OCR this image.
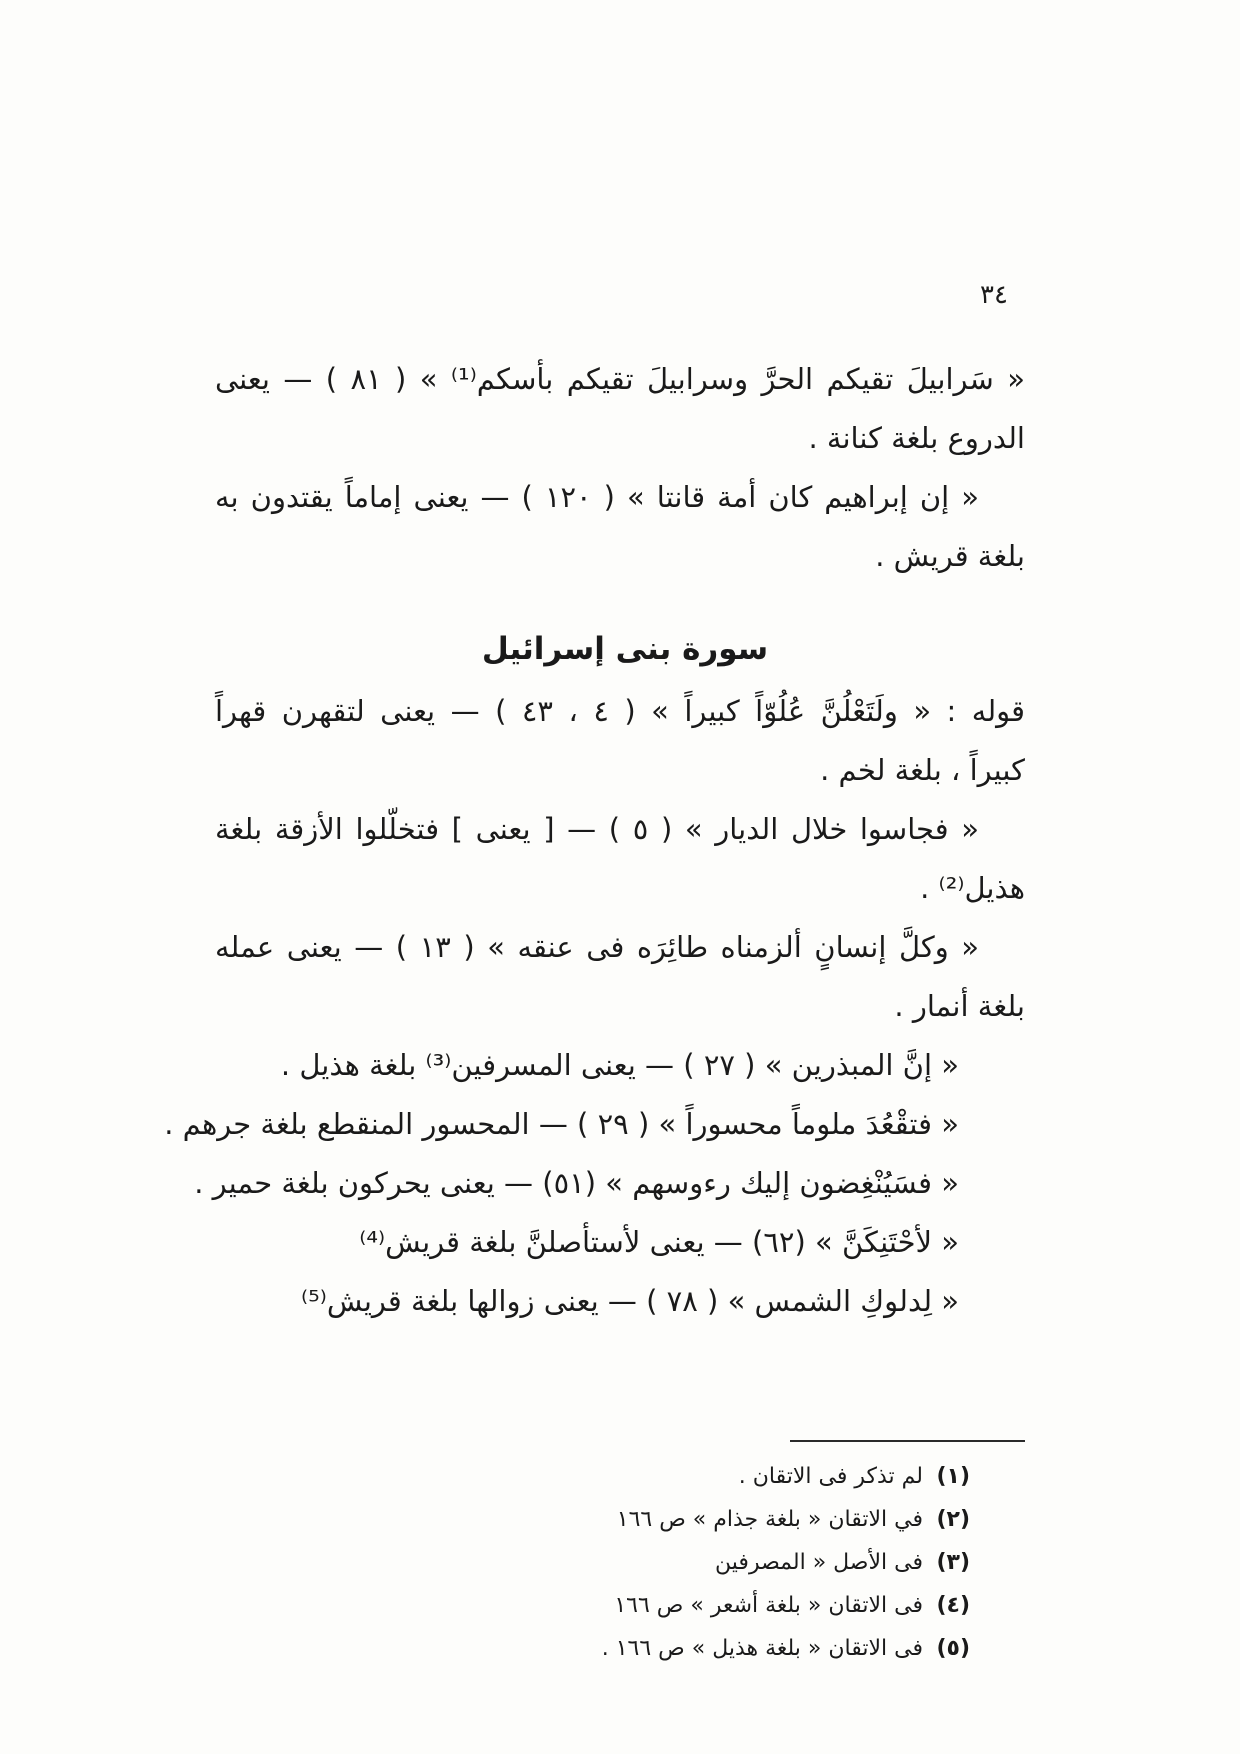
٣٤
« سَرابيلَ تقيكم الحرَّ وسرابيلَ تقيكم بأسكم⁽¹⁾ » ( ٨١ ) — يعنى
الدروع بلغة كنانة .
« إن إبراهيم كان أمة قانتا » ( ١٢٠ ) — يعنى إماماً يقتدون به
بلغة قريش .
سورة بنى إسرائيل
قوله : « ولَتَعْلُنَّ عُلُوّاً كبيراً » ( ٤ ، ٤٣ ) — يعنى لتقهرن قهراً
كبيراً ، بلغة لخم .
« فجاسوا خلال الديار » ( ٥ ) — [ يعنى ] فتخلّلوا الأزقة بلغة
هذيل⁽²⁾ .
« وكلَّ إنسانٍ ألزمناه طائِرَه فى عنقه » ( ١٣ ) — يعنى عمله
بلغة أنمار .
« إنَّ المبذرين » ( ٢٧ ) — يعنى المسرفين⁽³⁾ بلغة هذيل .
« فتقْعُدَ ملوماً محسوراً » ( ٢٩ ) — المحسور المنقطع بلغة جرهم .
« فسَيُنْغِضون إليك رءوسهم » (٥١) — يعنى يحركون بلغة حمير .
« لأحْتَنِكَنَّ » (٦٢) — يعنى لأستأصلنَّ بلغة قريش⁽⁴⁾
« لِدلوكِ الشمس » ( ٧٨ ) — يعنى زوالها بلغة قريش⁽⁵⁾
(١) لم تذكر فى الاتقان .
(٢) في الاتقان « بلغة جذام » ص ١٦٦
(٣) فى الأصل « المصرفين
(٤) فى الاتقان « بلغة أشعر » ص ١٦٦
(٥) فى الاتقان « بلغة هذيل » ص ١٦٦ .
